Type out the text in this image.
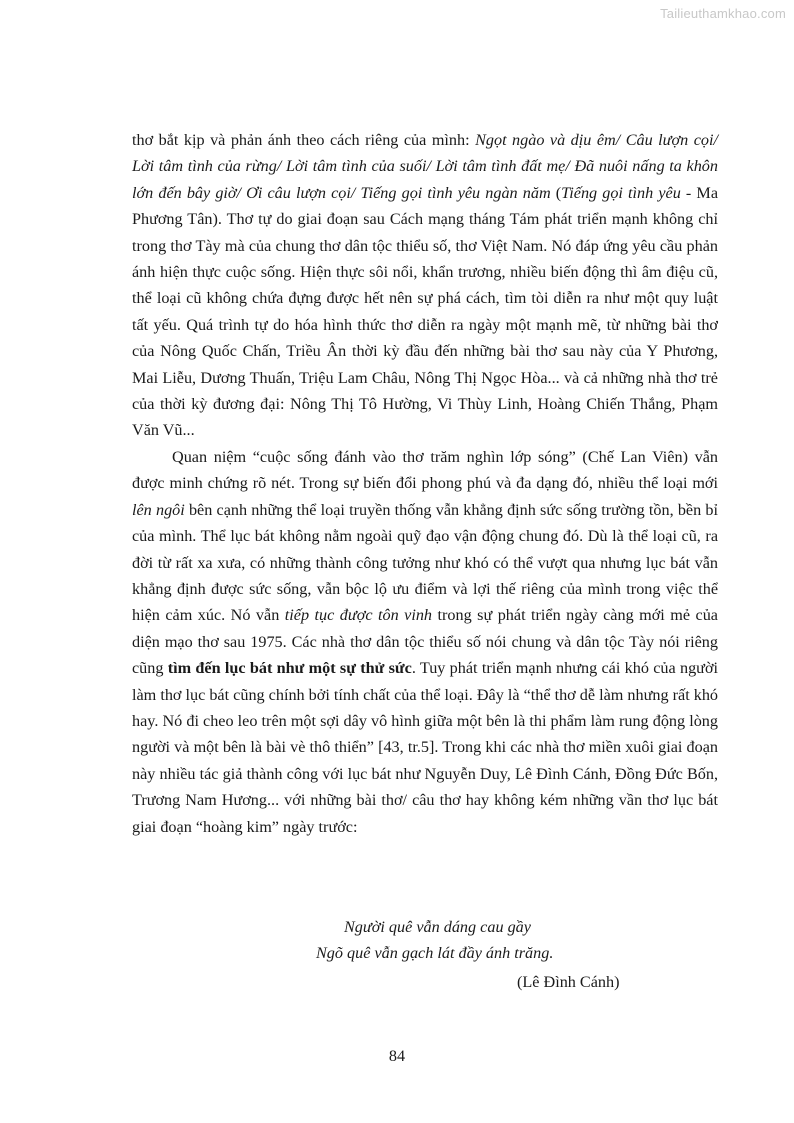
Tailieuthamkhao.com

thơ bắt kịp và phản ánh theo cách riêng của mình: Ngọt ngào và dịu êm/ Câu lượn cọi/ Lời tâm tình của rừng/ Lời tâm tình của suối/ Lời tâm tình đất mẹ/ Đã nuôi nấng ta khôn lớn đến bây giờ/ Ơi câu lượn cọi/ Tiếng gọi tình yêu ngàn năm (Tiếng gọi tình yêu - Ma Phương Tân). Thơ tự do giai đoạn sau Cách mạng tháng Tám phát triển mạnh không chỉ trong thơ Tày mà của chung thơ dân tộc thiểu số, thơ Việt Nam. Nó đáp ứng yêu cầu phản ánh hiện thực cuộc sống. Hiện thực sôi nổi, khẩn trương, nhiều biến động thì âm điệu cũ, thể loại cũ không chứa đựng được hết nên sự phá cách, tìm tòi diễn ra như một quy luật tất yếu. Quá trình tự do hóa hình thức thơ diễn ra ngày một mạnh mẽ, từ những bài thơ của Nông Quốc Chấn, Triều Ân thời kỳ đầu đến những bài thơ sau này của Y Phương, Mai Liễu, Dương Thuấn, Triệu Lam Châu, Nông Thị Ngọc Hòa... và cả những nhà thơ trẻ của thời kỳ đương đại: Nông Thị Tô Hường, Vi Thùy Linh, Hoàng Chiến Thắng, Phạm Văn Vũ...

Quan niệm “cuộc sống đánh vào thơ trăm nghìn lớp sóng” (Chế Lan Viên) vẫn được minh chứng rõ nét. Trong sự biến đổi phong phú và đa dạng đó, nhiều thể loại mới lên ngôi bên cạnh những thể loại truyền thống vẫn khẳng định sức sống trường tồn, bền bỉ của mình. Thể lục bát không nằm ngoài quỹ đạo vận động chung đó. Dù là thể loại cũ, ra đời từ rất xa xưa, có những thành công tưởng như khó có thể vượt qua nhưng lục bát vẫn khẳng định được sức sống, vẫn bộc lộ ưu điểm và lợi thế riêng của mình trong việc thể hiện cảm xúc. Nó vẫn tiếp tục được tôn vinh trong sự phát triển ngày càng mới mẻ của diện mạo thơ sau 1975. Các nhà thơ dân tộc thiểu số nói chung và dân tộc Tày nói riêng cũng tìm đến lục bát như một sự thử sức. Tuy phát triển mạnh nhưng cái khó của người làm thơ lục bát cũng chính bởi tính chất của thể loại. Đây là “thể thơ dễ làm nhưng rất khó hay. Nó đi cheo leo trên một sợi dây vô hình giữa một bên là thi phẩm làm rung động lòng người và một bên là bài vè thô thiển” [43, tr.5]. Trong khi các nhà thơ miền xuôi giai đoạn này nhiều tác giả thành công với lục bát như Nguyễn Duy, Lê Đình Cánh, Đồng Đức Bốn, Trương Nam Hương... với những bài thơ/ câu thơ hay không kém những vần thơ lục bát giai đoạn “hoàng kim” ngày trước:

Người quê vẫn dáng cau gầy
Ngõ quê vẫn gạch lát đầy ánh trăng.
(Lê Đình Cánh)
84
